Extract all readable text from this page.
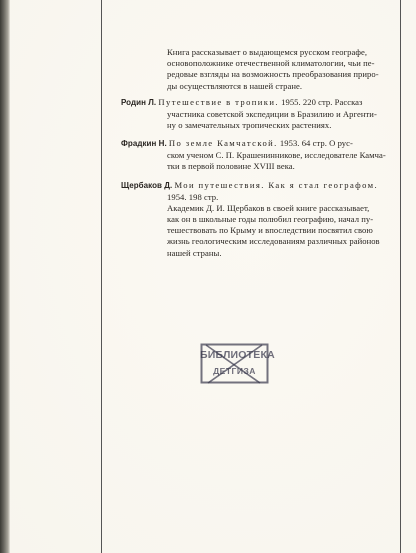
Книга рассказывает о выдающемся русском географе,
основоположнике отечественной климатологии, чьи пе-
редовые взгляды на возможность преобразования приро-
ды осуществляются в нашей стране.
Родин Л. Путешествие в тропики. 1955. 220 стр. Рассказ
участника советской экспедиции в Бразилию и Аргенти-
ну о замечательных тропических растениях.
Фрадкин Н. По земле Камчатской. 1953. 64 стр. О рус-
ском ученом С. П. Крашенинникове, исследователе Камча-
тки в первой половине XVIII века.
Щербаков Д. Мои путешествия. Как я стал географом.
1954. 198 стр.
Академик Д. И. Щербаков в своей книге рассказывает,
как он в школьные годы полюбил географию, начал пу-
тешествовать по Крыму и впоследствии посвятил свою
жизнь геологическим исследованиям различных районов
нашей страны.
БИБЛИОТЕКА
ДЕТГИЗА
